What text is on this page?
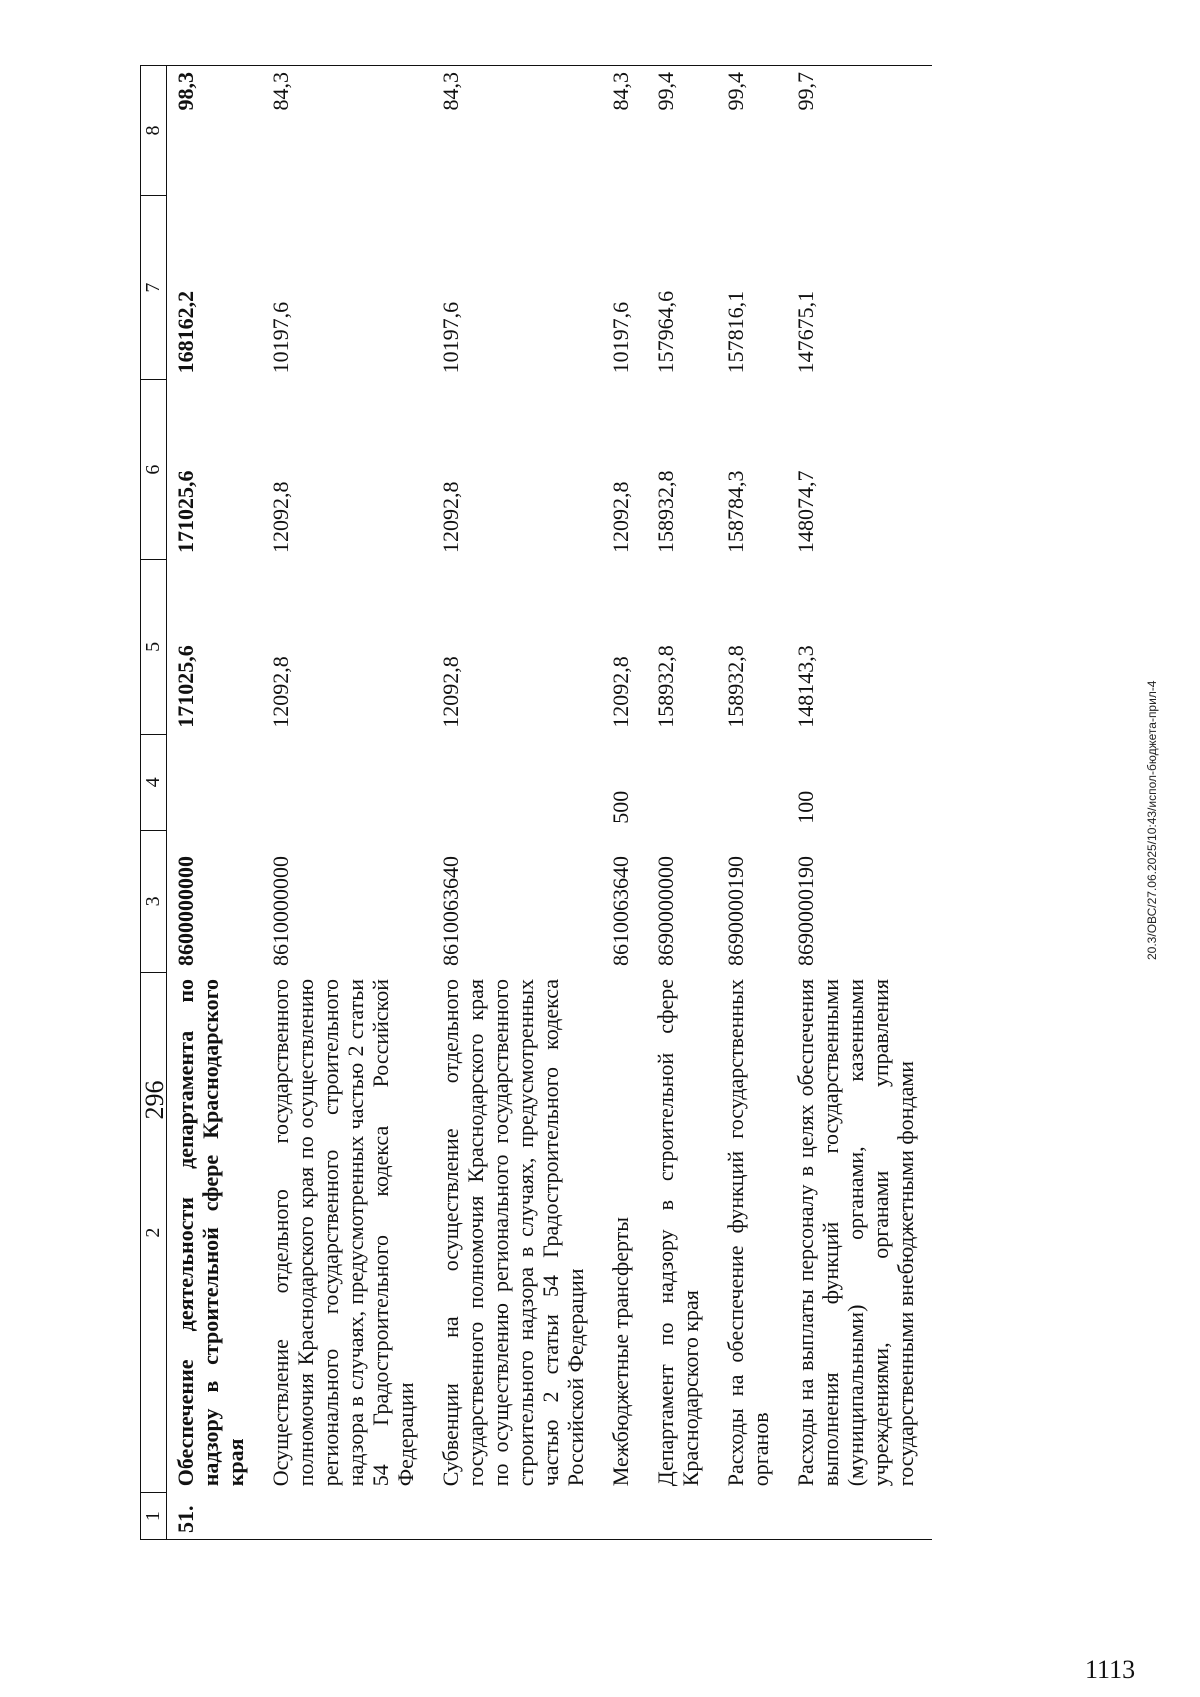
296
1	2	3	4	5	6	7	8
51.	Обеспечение деятельности департамента по надзору в строительной сфере Краснодарского края	8600000000		171025,6	171025,6	168162,2	98,3
	Осуществление отдельного государственного полномочия Краснодарского края по осуществлению регионального государственного строительного надзора в случаях, предусмотренных частью 2 статьи 54 Градостроительного кодекса Российской Федерации	8610000000		12092,8	12092,8	10197,6	84,3
	Субвенции на осуществление отдельного государственного полномочия Краснодарского края по осуществлению регионального государственного строительного надзора в случаях, предусмотренных частью 2 статьи 54 Градостроительного кодекса Российской Федерации	8610063640		12092,8	12092,8	10197,6	84,3
	Межбюджетные трансферты	8610063640	500	12092,8	12092,8	10197,6	84,3
	Департамент по надзору в строительной сфере Краснодарского края	8690000000		158932,8	158932,8	157964,6	99,4
	Расходы на обеспечение функций государственных органов	8690000190		158932,8	158784,3	157816,1	99,4
	Расходы на выплаты персоналу в целях обеспечения выполнения функций государственными (муниципальными) органами, казенными учреждениями, органами управления государственными внебюджетными фондами	8690000190	100	148143,3	148074,7	147675,1	99,7
20.3/ОВС/27.06.2025/10:43/испол-бюджета-прил-4
1113
